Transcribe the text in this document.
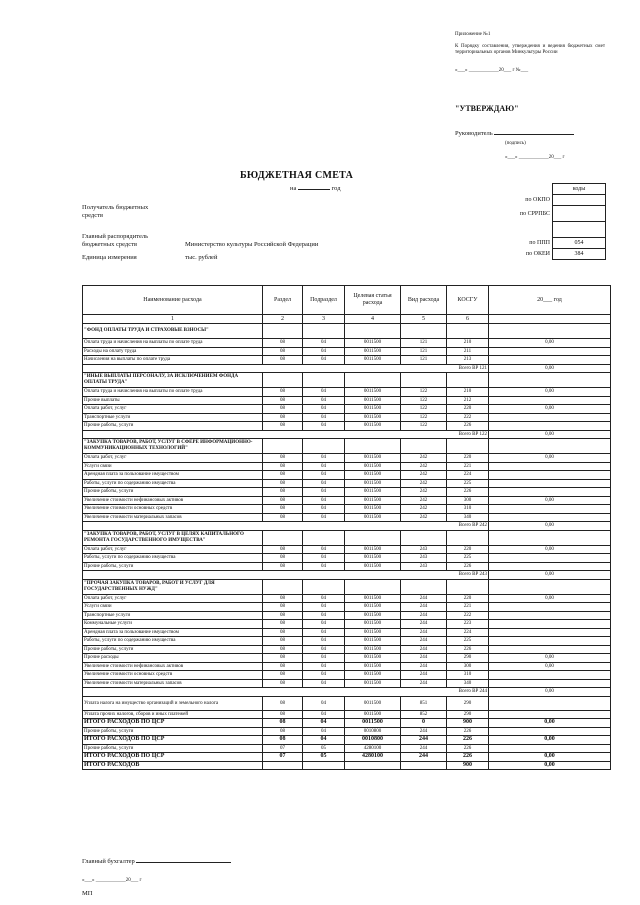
Приложение №1
К Порядку составления, утверждения и ведения бюджетных смет территориальных органов Минкультуры России
«___» ____________20___ г №___
"УТВЕРЖДАЮ"
Руководитель
(подпись)
«___» ____________20___ г
БЮДЖЕТНАЯ СМЕТА
на	год
		коды
по ОКПО	
по СРРПБС	

по ППП	054
по ОКЕИ	384
Получатель бюджетных средств
Главный распорядитель бюджетных средств	Министерство культуры Российской Федерации
Единица измерения	тыс. рублей
Наименование расхода	Раздел	Подраздел	Целевая статья расхода	Вид расхода	КОСГУ	20___ год
1	2	3	4	5	6	
"ФОНД ОПЛАТЫ ТРУДА И СТРАХОВЫЕ ВЗНОСЫ"						
Оплата труда и начисления на выплаты по оплате труда	08	04	0011500	121	210	0,00
Расходы на оплату труда	08	04	0011500	121	211	
Начисления на выплаты по оплате труда	08	04	0011500	121	213	
Всего ВР 121						0,00
"ИНЫЕ ВЫПЛАТЫ ПЕРСОНАЛУ, ЗА ИСКЛЮЧЕНИЕМ ФОНДА ОПЛАТЫ ТРУДА"						
Оплата труда и начисления на выплаты по оплате труда	08	04	0011500	122	210	0,00
Прочие выплаты	08	04	0011500	122	212	
Оплата работ, услуг	08	04	0011500	122	220	0,00
Транспортные услуги	08	04	0011500	122	222	
Прочие работы, услуги	08	04	0011500	122	226	
Всего ВР 122						0,00
"ЗАКУПКА ТОВАРОВ, РАБОТ, УСЛУГ В СФЕРЕ ИНФОРМАЦИОННО-КОММУНИКАЦИОННЫХ ТЕХНОЛОГИЙ"						
Оплата работ, услуг	08	04	0011500	242	220	0,00
Услуги связи	08	04	0011500	242	221	
Арендная плата за пользование имуществом	08	04	0011500	242	224	
Работы, услуги по содержанию имущества	08	04	0011500	242	225	
Прочие работы, услуги	08	04	0011500	242	226	
Увеличение стоимости нефинансовых активов	08	04	0011500	242	300	0,00
Увеличение стоимости основных средств	08	04	0011500	242	310	
Увеличение стоимости материальных запасов	08	04	0011500	242	340	
Всего ВР 242						0,00
"ЗАКУПКА ТОВАРОВ, РАБОТ, УСЛУГ В ЦЕЛЯХ КАПИТАЛЬНОГО РЕМОНТА ГОСУДАРСТВЕННОГО ИМУЩЕСТВА"						
Оплата работ, услуг	08	04	0011500	243	220	0,00
Работы, услуги по содержанию имущества	08	04	0011500	243	225	
Прочие работы, услуги	08	04	0011500	243	226	
Всего ВР 243						0,00
"ПРОЧАЯ ЗАКУПКА ТОВАРОВ, РАБОТ И УСЛУГ ДЛЯ ГОСУДАРСТВЕННЫХ НУЖД"						
Оплата работ, услуг	08	04	0011500	244	220	0,00
Услуги связи	08	04	0011500	244	221	
Транспортные услуги	08	04	0011500	244	222	
Коммунальные услуги	08	04	0011500	244	223	
Арендная плата за пользование имуществом	08	04	0011500	244	224	
Работы, услуги по содержанию имущества	08	04	0011500	244	225	
Прочие работы, услуги	08	04	0011500	244	226	
Прочие расходы	08	04	0011500	244	290	0,00
Увеличение стоимости нефинансовых активов	08	04	0011500	244	300	0,00
Увеличение стоимости основных средств	08	04	0011500	244	310	
Увеличение стоимости материальных запасов	08	04	0011500	244	340	
Всего ВР 244						0,00
Уплата налога на имущество организаций и земельного налога	08	04	0011500	851	290	
Уплата прочих налогов, сборов и иных платежей	08	04	0011500	852	290	
ИТОГО РАСХОДОВ ПО ЦСР	08	04	0011500	0	900	0,00
Прочие работы, услуги	08	04	0010800	244	226	
ИТОГО РАСХОДОВ ПО ЦСР	08	04	0010800	244	226	0,00
Прочие работы, услуги	07	05	4280100	244	226	
ИТОГО РАСХОДОВ ПО ЦСР	07	05	4280100	244	226	0,00
ИТОГО РАСХОДОВ					900	0,00
Главный бухгалтер
«___» ____________20___ г
МП
